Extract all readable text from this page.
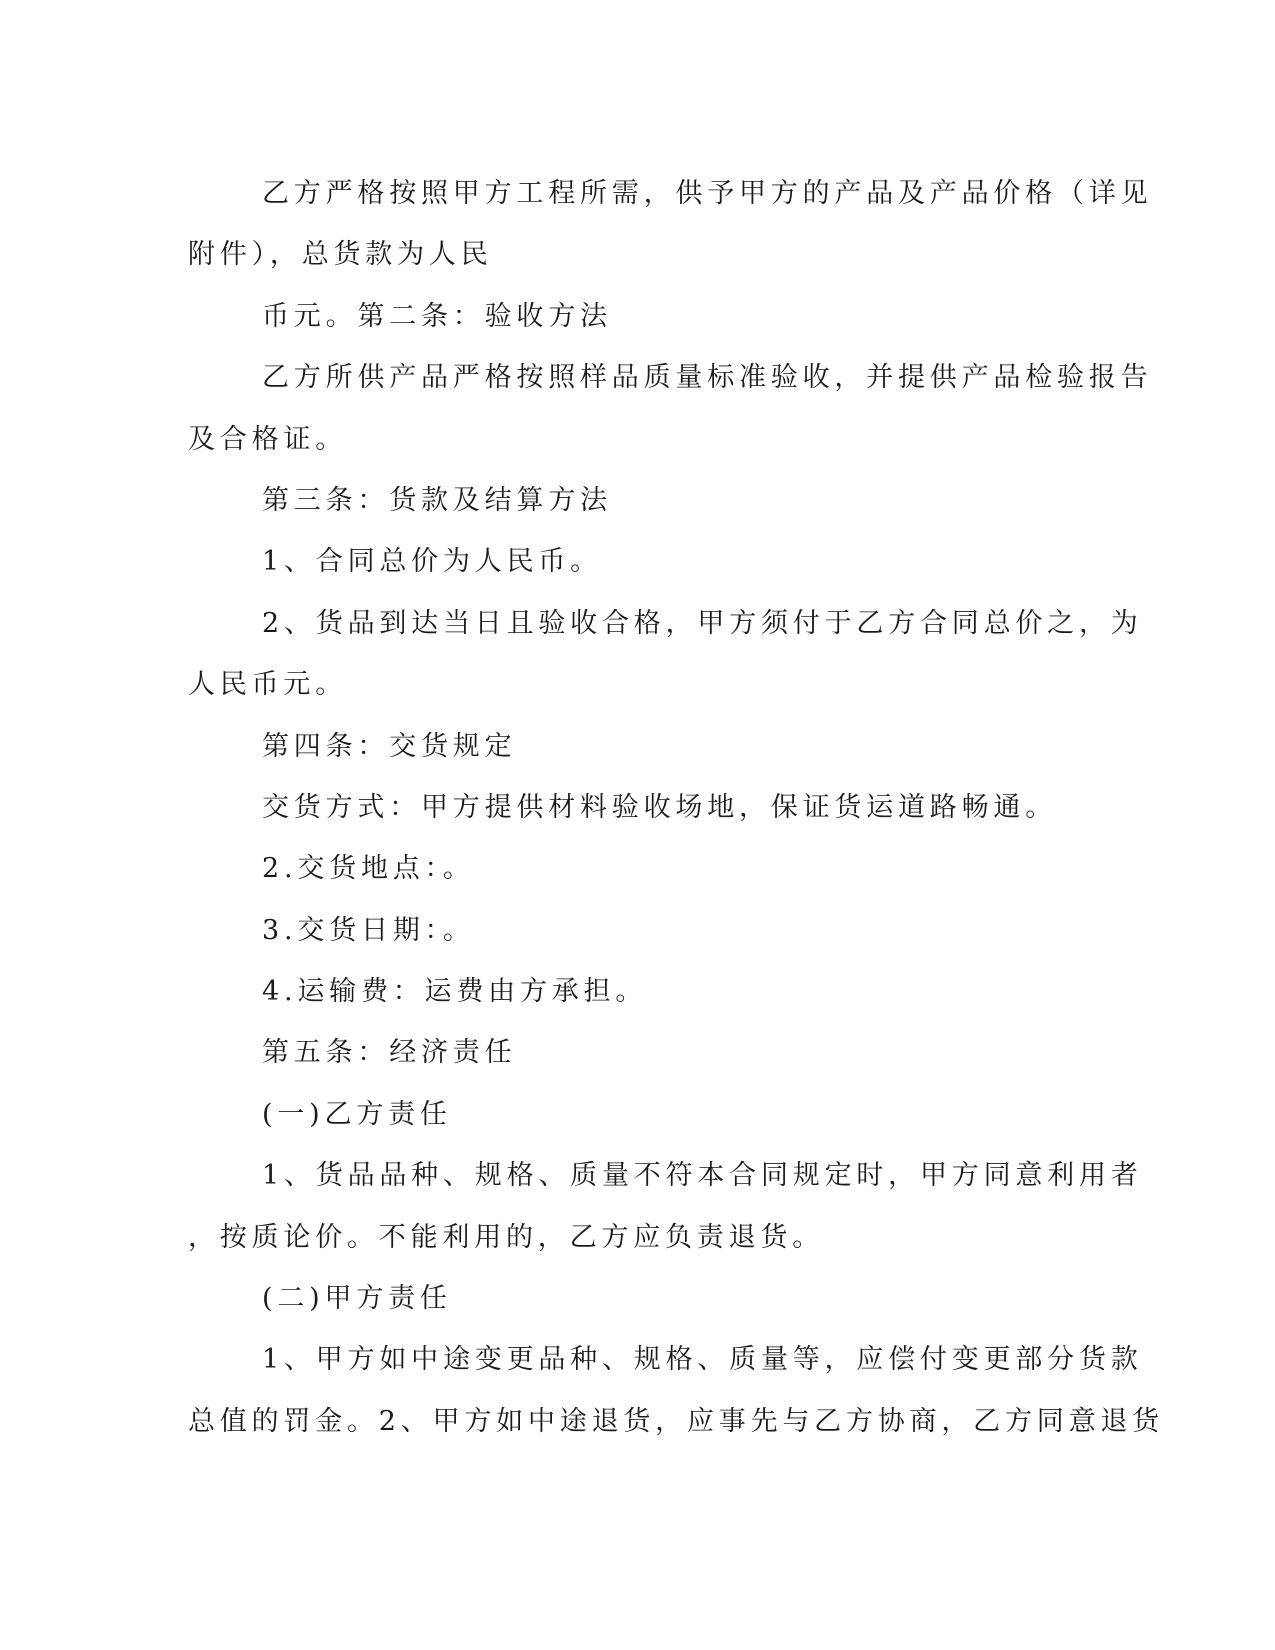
乙方严格按照甲方工程所需，供予甲方的产品及产品价格（详见
附件），总货款为人民
币元。第二条：验收方法
乙方所供产品严格按照样品质量标准验收，并提供产品检验报告
及合格证。
第三条：货款及结算方法
1、合同总价为人民币。
2、货品到达当日且验收合格，甲方须付于乙方合同总价之，为
人民币元。
第四条：交货规定
交货方式：甲方提供材料验收场地，保证货运道路畅通。
2.交货地点：。
3.交货日期：。
4.运输费：运费由方承担。
第五条：经济责任
(一)乙方责任
1、货品品种、规格、质量不符本合同规定时，甲方同意利用者
，按质论价。不能利用的，乙方应负责退货。
(二)甲方责任
1、甲方如中途变更品种、规格、质量等，应偿付变更部分货款
总值的罚金。2、甲方如中途退货，应事先与乙方协商，乙方同意退货
